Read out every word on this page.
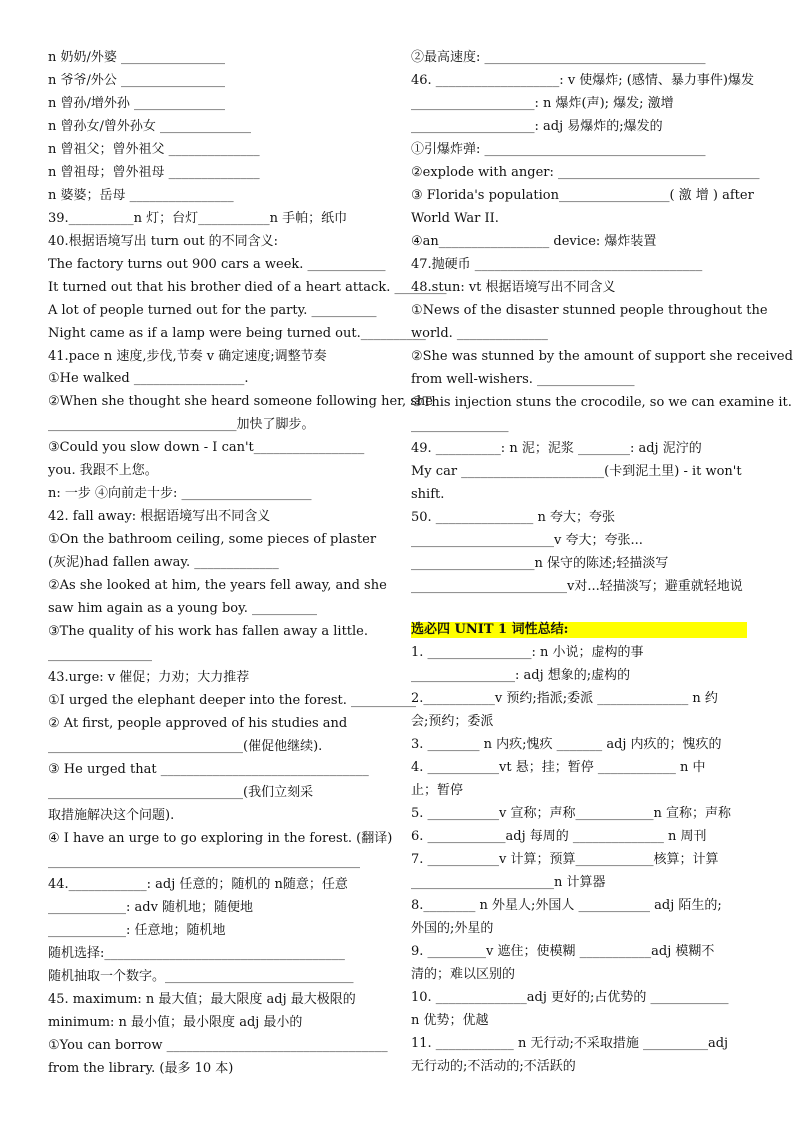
n 奶奶/外婆 ________________
n 爷爷/外公 ________________
n 曾孙/增外孙 ______________
n 曾孙女/曾外孙女 ______________
n 曾祖父；曾外祖父 ______________
n 曾祖母；曾外祖母 ______________
n 婆婆；岳母 ________________
39.__________n 灯；台灯___________n 手帕；纸巾
40.根据语境写出 turn out 的不同含义:
The factory turns out 900 cars a week. ____________
It turned out that his brother died of a heart attack. ________
A lot of people turned out for the party. __________
Night came as if a lamp were being turned out.__________
41.pace n 速度,步伐,节奏 v 确定速度;调整节奏
①He walked _________________.
②When she thought she heard someone following her, she
_____________________________加快了脚步。
③Could you slow down - I can't_________________
you. 我跟不上您。
n: 一步 ④向前走十步: ____________________
42. fall away: 根据语境写出不同含义
①On the bathroom ceiling, some pieces of plaster
(灰泥)had fallen away. _____________
②As she looked at him, the years fell away, and she
saw him again as a young boy. __________
③The quality of his work has fallen away a little.
________________
43.urge: v 催促；力劝；大力推荐
①I urged the elephant deeper into the forest. __________
② At first, people approved of his studies and
______________________________(催促他继续).
③ He urged that ________________________________
______________________________(我们立刻采
取措施解决这个问题).
④ I have an urge to go exploring in the forest. (翻译)
________________________________________________
44.____________: adj 任意的；随机的 n随意；任意
____________: adv 随机地；随便地
____________: 任意地；随机地
随机选择:_____________________________________
随机抽取一个数字。_____________________________
45. maximum: n 最大值；最大限度 adj 最大极限的
minimum: n 最小值；最小限度 adj 最小的
①You can borrow __________________________________
from the library. (最多 10 本)
②最高速度: __________________________________
46. ___________________: v 使爆炸; (感情、暴力事件)爆发
___________________: n 爆炸(声); 爆发; 激增
___________________: adj 易爆炸的;爆发的
①引爆炸弹: __________________________________
②explode with anger: _______________________________
③ Florida's population_________________( 激 增 ) after
World War II.
④an_________________ device: 爆炸装置
47.抛硬币 ___________________________________
48.stun: vt 根据语境写出不同含义
①News of the disaster stunned people throughout the
world. ______________
②She was stunned by the amount of support she received
from well-wishers. _______________
③This injection stuns the crocodile, so we can examine it.
_______________
49. __________: n 泥；泥浆 ________: adj 泥泞的
My car ______________________(卡到泥土里) - it won't
shift.
50. _______________ n 夸大；夸张
______________________v 夸大；夸张...
___________________n 保守的陈述;轻描淡写
________________________v对...轻描淡写；避重就轻地说
选必四 UNIT 1 词性总结:
1. ________________: n 小说；虚构的事
________________: adj 想象的;虚构的
2.___________v 预约;指派;委派 ______________ n 约
会;预约；委派
3. ________ n 内疚;愧疚 _______ adj 内疚的；愧疚的
4. ___________vt 悬；挂；暂停 ____________ n 中
止；暂停
5. ___________v 宣称；声称____________n 宣称；声称
6. ____________adj 每周的 ______________ n 周刊
7. ___________v 计算；预算____________核算；计算
______________________n 计算器
8.________ n 外星人;外国人 ___________ adj 陌生的;
外国的;外星的
9. _________v 遮住；使模糊 ___________adj 模糊不
清的；难以区别的
10. ______________adj 更好的;占优势的 ____________
n 优势；优越
11. ____________ n 无行动;不采取措施 __________adj
无行动的;不活动的;不活跃的
